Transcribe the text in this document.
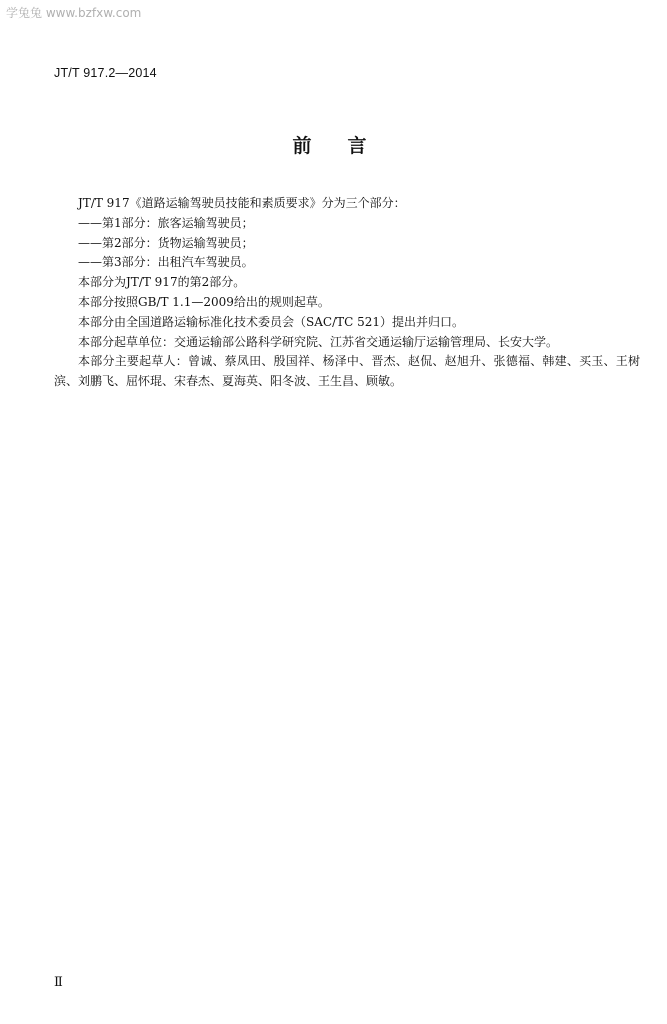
学兔兔 www.bzfxw.com
JT/T 917.2—2014
前言

JT/T 917《道路运输驾驶员技能和素质要求》分为三个部分：

——第1部分：旅客运输驾驶员；

——第2部分：货物运输驾驶员；

——第3部分：出租汽车驾驶员。

本部分为JT/T 917的第2部分。

本部分按照GB/T 1.1—2009给出的规则起草。

本部分由全国道路运输标准化技术委员会（SAC/TC 521）提出并归口。

本部分起草单位：交通运输部公路科学研究院、江苏省交通运输厅运输管理局、长安大学。

本部分主要起草人：曾诚、蔡凤田、殷国祥、杨泽中、晋杰、赵侃、赵旭升、张德福、韩建、买玉、王树滨、刘鹏飞、屈怀琨、宋春杰、夏海英、阳冬波、王生昌、顾敏。

Ⅱ
